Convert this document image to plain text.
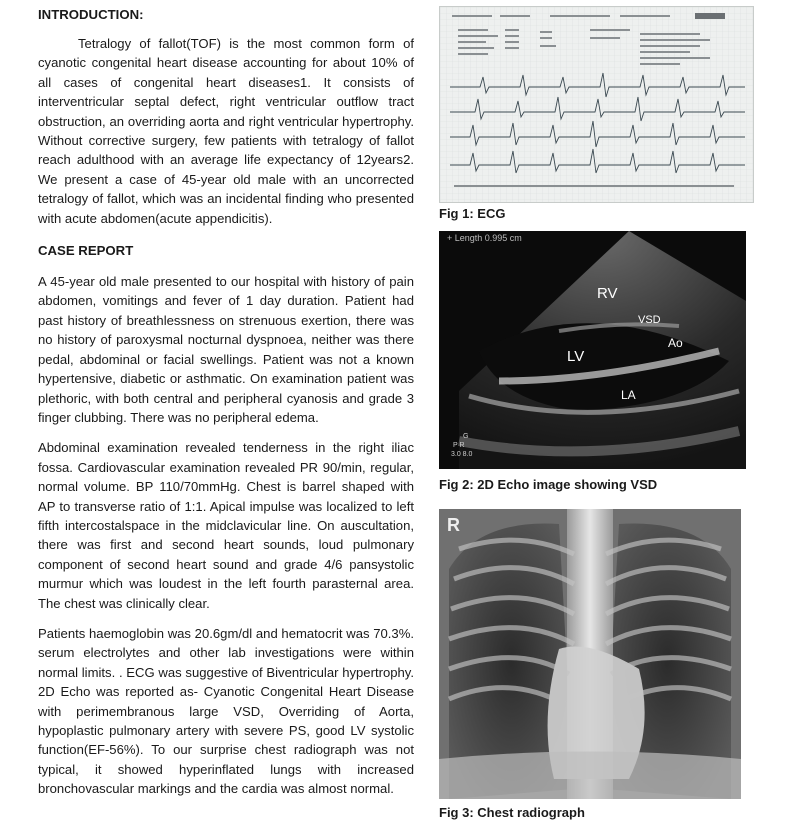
INTRODUCTION:

Tetralogy of fallot(TOF) is the most common form of cyanotic congenital heart disease accounting for about 10% of all cases of congenital heart diseases1. It consists of interventricular septal defect, right ventricular outflow tract obstruction, an overriding aorta and right ventricular hypertrophy. Without corrective surgery, few patients with tetralogy of fallot reach adulthood with an average life expectancy of 12years2. We present a case of 45-year old male with an uncorrected tetralogy of fallot, which was an incidental finding who presented with acute abdomen(acute appendicitis).

CASE REPORT

A 45-year old male presented to our hospital with history of pain abdomen, vomitings and fever of 1 day duration. Patient had past history of breathlessness on strenuous exertion, there was no history of paroxysmal nocturnal dyspnoea, neither was there pedal, abdominal or facial swellings. Patient was not a known hypertensive, diabetic or asthmatic. On examination patient was plethoric, with both central and peripheral cyanosis and grade 3 finger clubbing. There was no peripheral edema.

Abdominal examination revealed tenderness in the right iliac fossa. Cardiovascular examination revealed PR 90/min, regular, normal volume. BP 110/70mmHg. Chest is barrel shaped with AP to transverse ratio of 1:1. Apical impulse was localized to left fifth intercostalspace in the midclavicular line. On auscultation, there was first and second heart sounds, loud pulmonary component of second heart sound and grade 4/6 pansystolic murmur which was loudest in the left fourth parasternal area. The chest was clinically clear.

Patients haemoglobin was 20.6gm/dl and hematocrit was 70.3%. serum electrolytes and other lab investigations were within normal limits. . ECG was suggestive of Biventricular hypertrophy. 2D Echo was reported as- Cyanotic Congenital Heart Disease with perimembranous large VSD, Overriding of Aorta, hypoplastic pulmonary artery with severe PS, good LV systolic function(EF-56%). To our surprise chest radiograph was not typical, it showed hyperinflated lungs with increased bronchovascular markings and the cardia was almost normal.

Fig 1: ECG
+ Length 0.995 cm
RV
VSD
Ao
LV
LA
G
P R
3.0 8.0
Fig 2: 2D Echo image showing VSD
R
Fig 3: Chest radiograph
